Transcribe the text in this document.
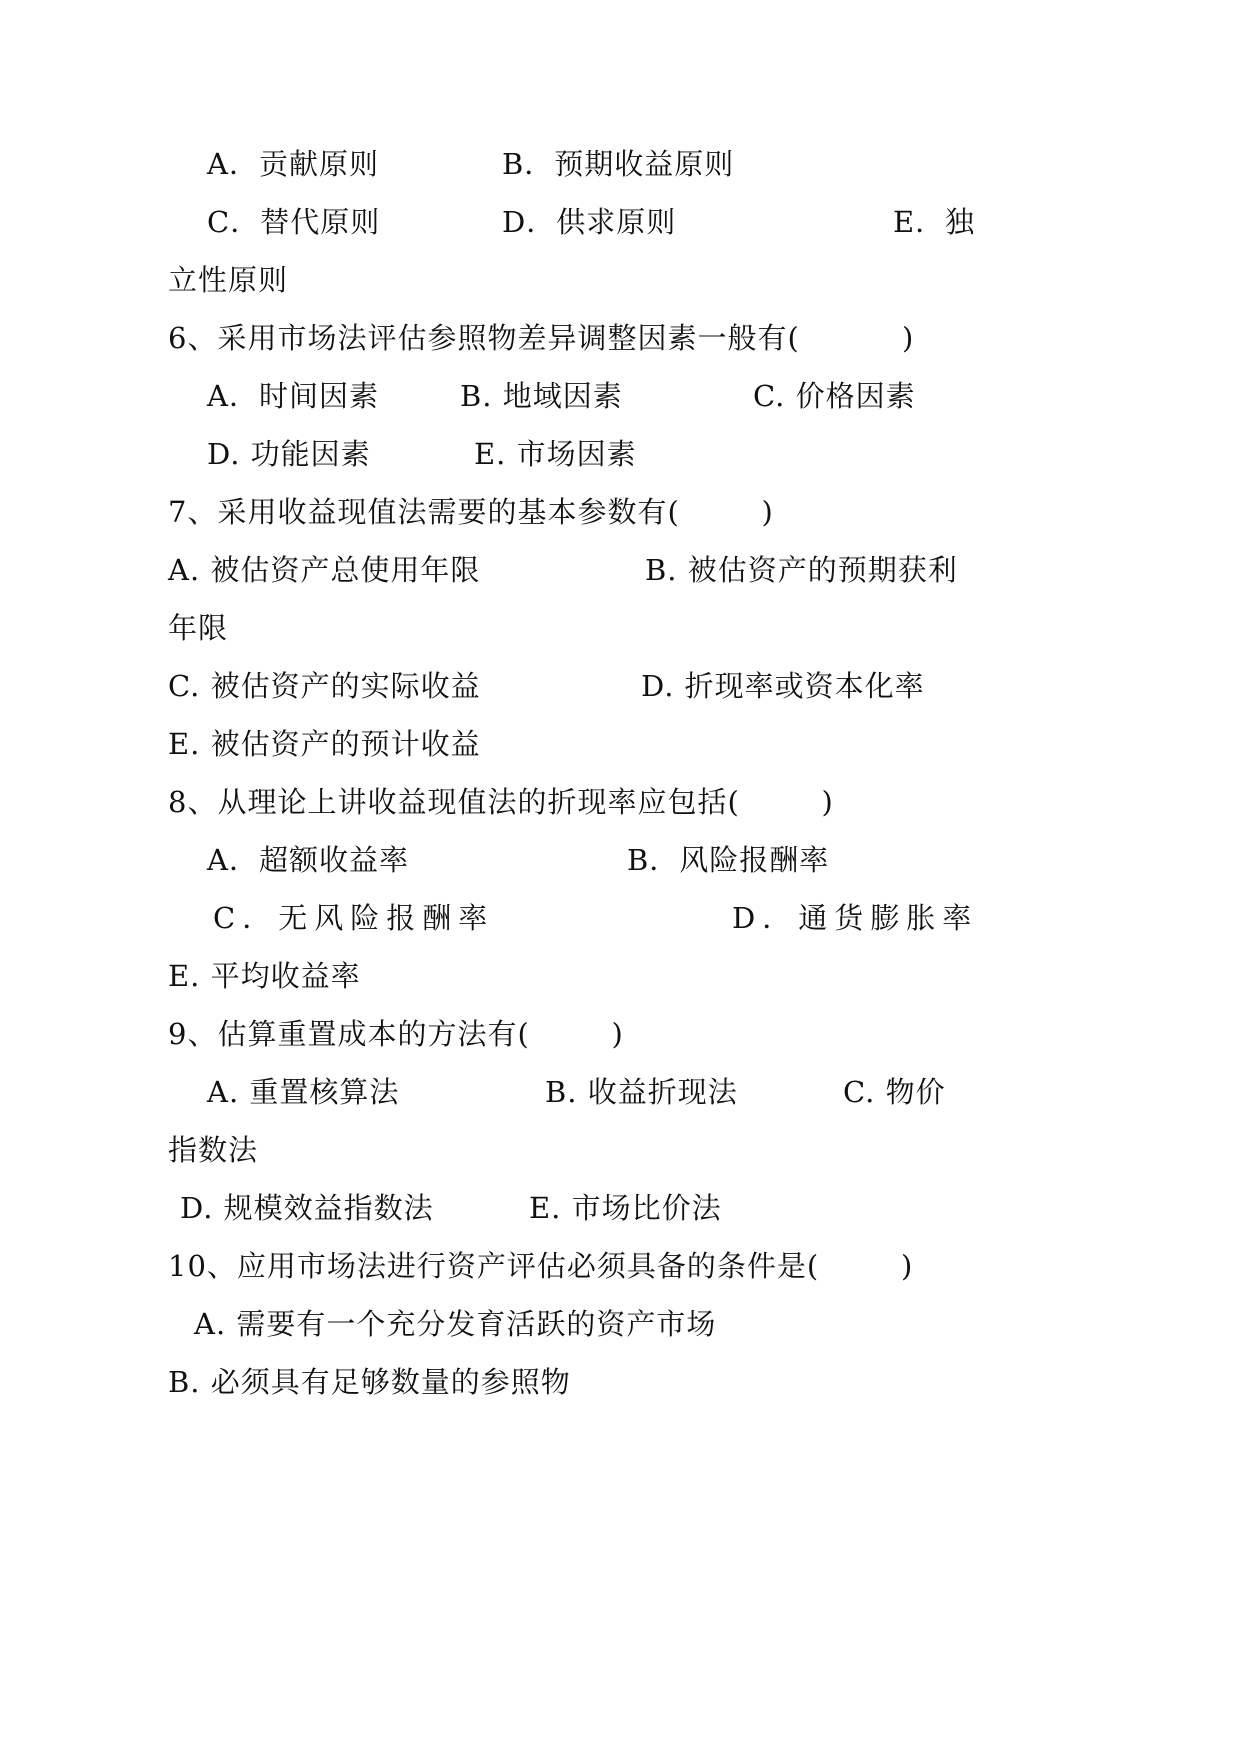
A．贡献原则	B．预期收益原则
C．替代原则	D．供求原则	E．独
立性原则
6、采用市场法评估参照物差异调整因素一般有(          )
A．时间因素	B. 地域因素	C. 价格因素
D. 功能因素	E. 市场因素
7、采用收益现值法需要的基本参数有(        )
A. 被估资产总使用年限	B. 被估资产的预期获利
年限
C. 被估资产的实际收益	D. 折现率或资本化率
E. 被估资产的预计收益
8、从理论上讲收益现值法的折现率应包括(        )
A．超额收益率	B．风险报酬率
C．无风险报酬率	D．通货膨胀率
E. 平均收益率
9、估算重置成本的方法有(        )
A. 重置核算法	B. 收益折现法	C. 物价
指数法
D. 规模效益指数法	E. 市场比价法
10、应用市场法进行资产评估必须具备的条件是(        )
A. 需要有一个充分发育活跃的资产市场
B. 必须具有足够数量的参照物
